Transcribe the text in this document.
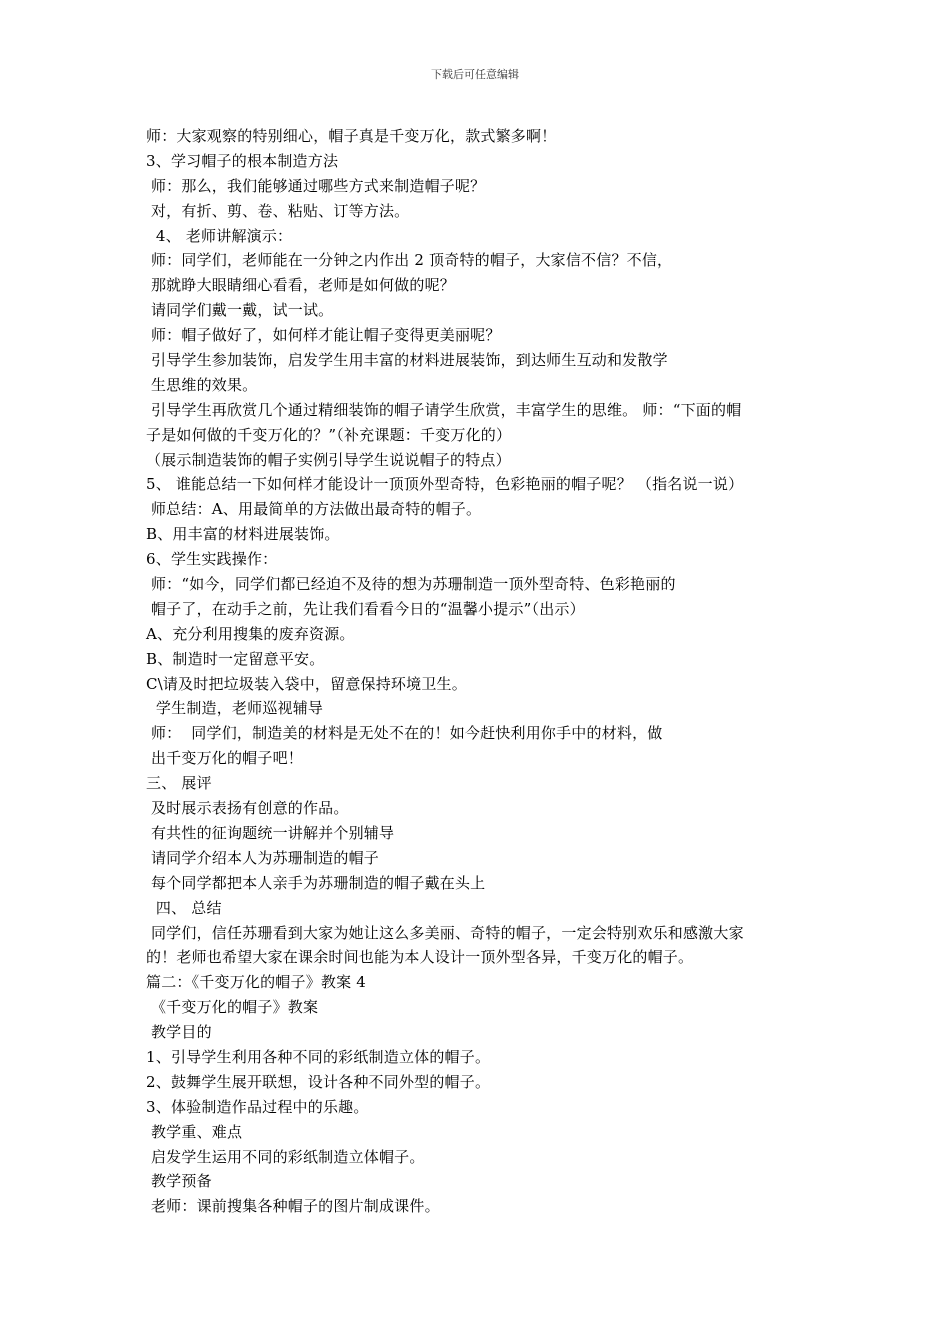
下载后可任意编辑
师：大家观察的特别细心，帽子真是千变万化，款式繁多啊！
3、学习帽子的根本制造方法
师：那么，我们能够通过哪些方式来制造帽子呢？
对，有折、剪、卷、粘贴、订等方法。
4、 老师讲解演示：
师：同学们，老师能在一分钟之内作出 2 顶奇特的帽子，大家信不信？不信，
那就睁大眼睛细心看看，老师是如何做的呢？
请同学们戴一戴，试一试。
师：帽子做好了，如何样才能让帽子变得更美丽呢？
引导学生参加装饰，启发学生用丰富的材料进展装饰，到达师生互动和发散学
生思维的效果。
引导学生再欣赏几个通过精细装饰的帽子请学生欣赏，丰富学生的思维。 师：“下面的帽
子是如何做的千变万化的？”（补充课题：千变万化的）
（展示制造装饰的帽子实例引导学生说说帽子的特点）
5、 谁能总结一下如何样才能设计一顶顶外型奇特，色彩艳丽的帽子呢？ （指名说一说）
师总结：A、用最简单的方法做出最奇特的帽子。
B、用丰富的材料进展装饰。
6、学生实践操作：
师：“如今，同学们都已经迫不及待的想为苏珊制造一顶外型奇特、色彩艳丽的
帽子了，在动手之前，先让我们看看今日的“温馨小提示”（出示）
A、充分利用搜集的废弃资源。
B、制造时一定留意平安。
C\请及时把垃圾装入袋中，留意保持环境卫生。
学生制造，老师巡视辅导
师：  同学们，制造美的材料是无处不在的！如今赶快利用你手中的材料，做
出千变万化的帽子吧！
三、 展评
及时展示表扬有创意的作品。
有共性的征询题统一讲解并个别辅导
请同学介绍本人为苏珊制造的帽子
每个同学都把本人亲手为苏珊制造的帽子戴在头上
四、 总结
同学们，信任苏珊看到大家为她让这么多美丽、奇特的帽子，一定会特别欢乐和感激大家
的！老师也希望大家在课余时间也能为本人设计一顶外型各异，千变万化的帽子。
篇二：《千变万化的帽子》教案 4
《千变万化的帽子》教案
教学目的
1、引导学生利用各种不同的彩纸制造立体的帽子。
2、鼓舞学生展开联想，设计各种不同外型的帽子。
3、体验制造作品过程中的乐趣。
教学重、难点
启发学生运用不同的彩纸制造立体帽子。
教学预备
老师：课前搜集各种帽子的图片制成课件。
